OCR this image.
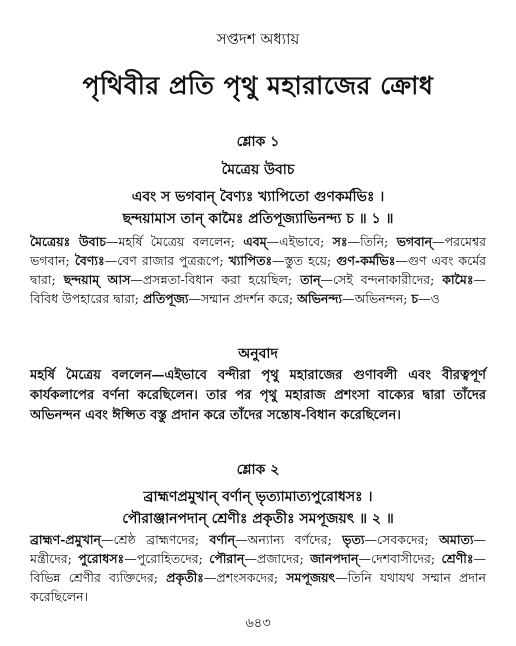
সপ্তদশ অধ্যায়
পৃথিবীর প্রতি পৃথু মহারাজের ক্রোধ
শ্লোক ১
মৈত্রেয় উবাচ
এবং স ভগবান্ বৈণ্যঃ খ্যাপিতো গুণকর্মভিঃ ।
ছন্দয়ামাস তান্ কামৈঃ প্রতিপূজ্যাভিনন্দ্য চ ॥ ১ ॥
মৈত্রেয়ঃ উবাচ—মহর্ষি মৈত্রেয় বললেন; এবম্—এইভাবে; সঃ—তিনি; ভগবান্—পরমেশ্বর ভগবান; বৈণ্যঃ—বেণ রাজার পুত্ররূপে; খ্যাপিতঃ—স্তুত হয়ে; গুণ-কর্মভিঃ—গুণ এবং কর্মের দ্বারা; ছন্দয়াম্ আস—প্রসন্নতা-বিধান করা হয়েছিল; তান্—সেই বন্দনাকারীদের; কামৈঃ—বিবিধ উপহারের দ্বারা; প্রতিপূজ্য—সম্মান প্রদর্শন করে; অভিনন্দ্য—অভিনন্দন; চ—ও
অনুবাদ
মহর্ষি মৈত্রেয় বললেন—এইভাবে বন্দীরা পৃথু মহারাজের গুণাবলী এবং বীরত্বপূর্ণ কার্যকলাপের বর্ণনা করেছিলেন। তার পর পৃথু মহারাজ প্রশংসা বাক্যের দ্বারা তাঁদের অভিনন্দন এবং ঈপ্সিত বস্তু প্রদান করে তাঁদের সন্তোষ-বিধান করেছিলেন।
শ্লোক ২
ব্রাহ্মণপ্রমুখান্ বর্ণান্ ভৃত্যামাত্যপুরোধসঃ ।
পৌরাঞ্জানপদান্ শ্রেণীঃ প্রকৃতীঃ সমপূজয়ৎ ॥ ২ ॥
ব্রাহ্মণ-প্রমুখান্—শ্রেষ্ঠ ব্রাহ্মণদের; বর্ণান্—অন্যান্য বর্ণদের; ভৃত্য—সেবকদের; অমাত্য—মন্ত্রীদের; পুরোধসঃ—পুরোহিতদের; পৌরান্—প্রজাদের; জানপদান্—দেশবাসীদের; শ্রেণীঃ—বিভিন্ন শ্রেণীর ব্যক্তিদের; প্রকৃতীঃ—প্রশংসকদের; সমপূজয়ৎ—তিনি যথাযথ সম্মান প্রদান করেছিলেন।
৬৪৩
